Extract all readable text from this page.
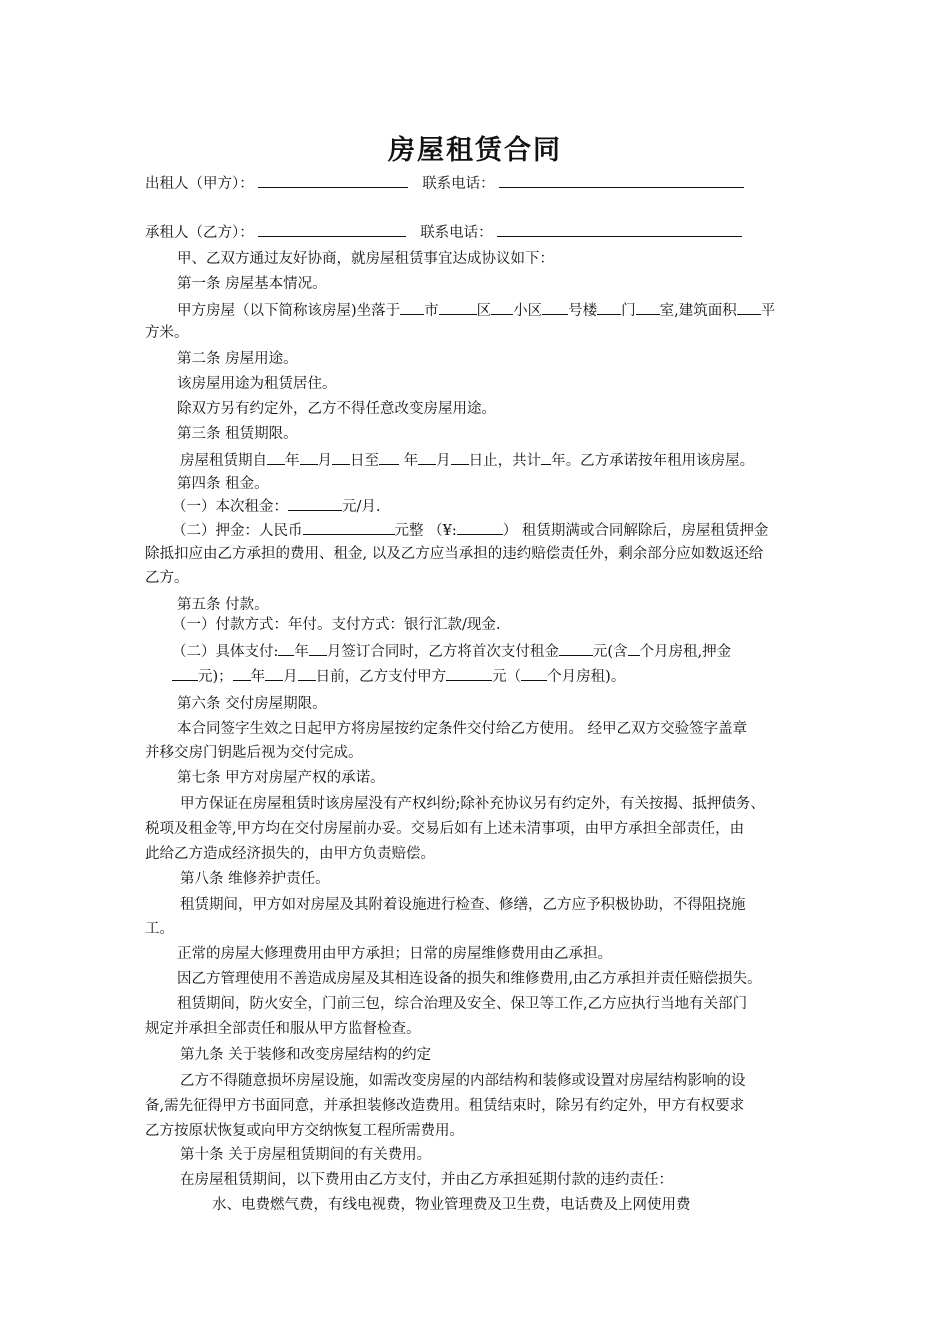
房屋租赁合同
出租人（甲方）：	联系电话：
承租人（乙方）：	联系电话：
甲、乙双方通过友好协商，就房屋租赁事宜达成协议如下：
第一条 房屋基本情况。
甲方房屋（以下简称该房屋)坐落于 市	区 小区 号楼 门 室,建筑面积 平
方米。
第二条 房屋用途。
该房屋用途为租赁居住。
除双方另有约定外，乙方不得任意改变房屋用途。
第三条 租赁期限。
房屋租赁期自 年 月 日至 年 月 日止，共计 年。乙方承诺按年租用该房屋。
第四条 租金。
（一）本次租金：	元/月.
（二）押金：人民币	元整 （¥:	） 租赁期满或合同解除后，房屋租赁押金
除抵扣应由乙方承担的费用、租金, 以及乙方应当承担的违约赔偿责任外，剩余部分应如数返还给
乙方。
第五条 付款。
（一）付款方式：年付。支付方式：银行汇款/现金.
（二）具体支付: 年 月签订合同时，乙方将首次支付租金 元(含 个月房租,押金
元)； 年 月 日前，乙方支付甲方	元（ 个月房租)。
第六条 交付房屋期限。
本合同签字生效之日起甲方将房屋按约定条件交付给乙方使用。 经甲乙双方交验签字盖章
并移交房门钥匙后视为交付完成。
第七条 甲方对房屋产权的承诺。
甲方保证在房屋租赁时该房屋没有产权纠纷;除补充协议另有约定外，有关按揭、抵押债务、
税项及租金等,甲方均在交付房屋前办妥。交易后如有上述未清事项，由甲方承担全部责任，由
此给乙方造成经济损失的，由甲方负责赔偿。
第八条 维修养护责任。
租赁期间，甲方如对房屋及其附着设施进行检查、修缮，乙方应予积极协助，不得阻挠施
工。
正常的房屋大修理费用由甲方承担；日常的房屋维修费用由乙承担。
因乙方管理使用不善造成房屋及其相连设备的损失和维修费用,由乙方承担并责任赔偿损失。
租赁期间，防火安全，门前三包，综合治理及安全、保卫等工作,乙方应执行当地有关部门
规定并承担全部责任和服从甲方监督检查。
第九条 关于装修和改变房屋结构的约定
乙方不得随意损坏房屋设施，如需改变房屋的内部结构和装修或设置对房屋结构影响的设
备,需先征得甲方书面同意，并承担装修改造费用。租赁结束时，除另有约定外，甲方有权要求
乙方按原状恢复或向甲方交纳恢复工程所需费用。
第十条 关于房屋租赁期间的有关费用。
在房屋租赁期间，以下费用由乙方支付，并由乙方承担延期付款的违约责任：
水、电费燃气费，有线电视费，物业管理费及卫生费，电话费及上网使用费
